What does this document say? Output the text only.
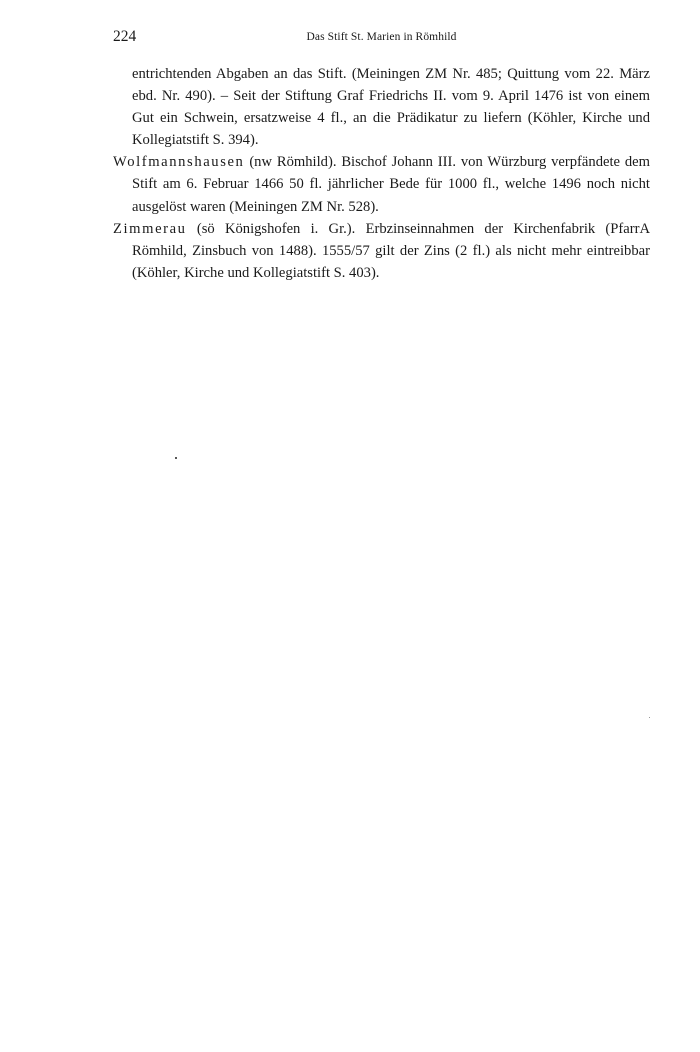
224	Das Stift St. Marien in Römhild

entrichtenden Abgaben an das Stift. (Meiningen ZM Nr. 485; Quittung vom 22. März ebd. Nr. 490). – Seit der Stiftung Graf Friedrichs II. vom 9. April 1476 ist von einem Gut ein Schwein, ersatzweise 4 fl., an die Prädikatur zu liefern (Köhler, Kirche und Kollegiatstift S. 394).

Wolfmannshausen (nw Römhild). Bischof Johann III. von Würzburg verpfändete dem Stift am 6. Februar 1466 50 fl. jährlicher Bede für 1000 fl., welche 1496 noch nicht ausgelöst waren (Meiningen ZM Nr. 528).

Zimmerau (sö Königshofen i. Gr.). Erbzinseinnahmen der Kirchenfabrik (PfarrA Römhild, Zinsbuch von 1488). 1555/57 gilt der Zins (2 fl.) als nicht mehr eintreibbar (Köhler, Kirche und Kollegiatstift S. 403).
